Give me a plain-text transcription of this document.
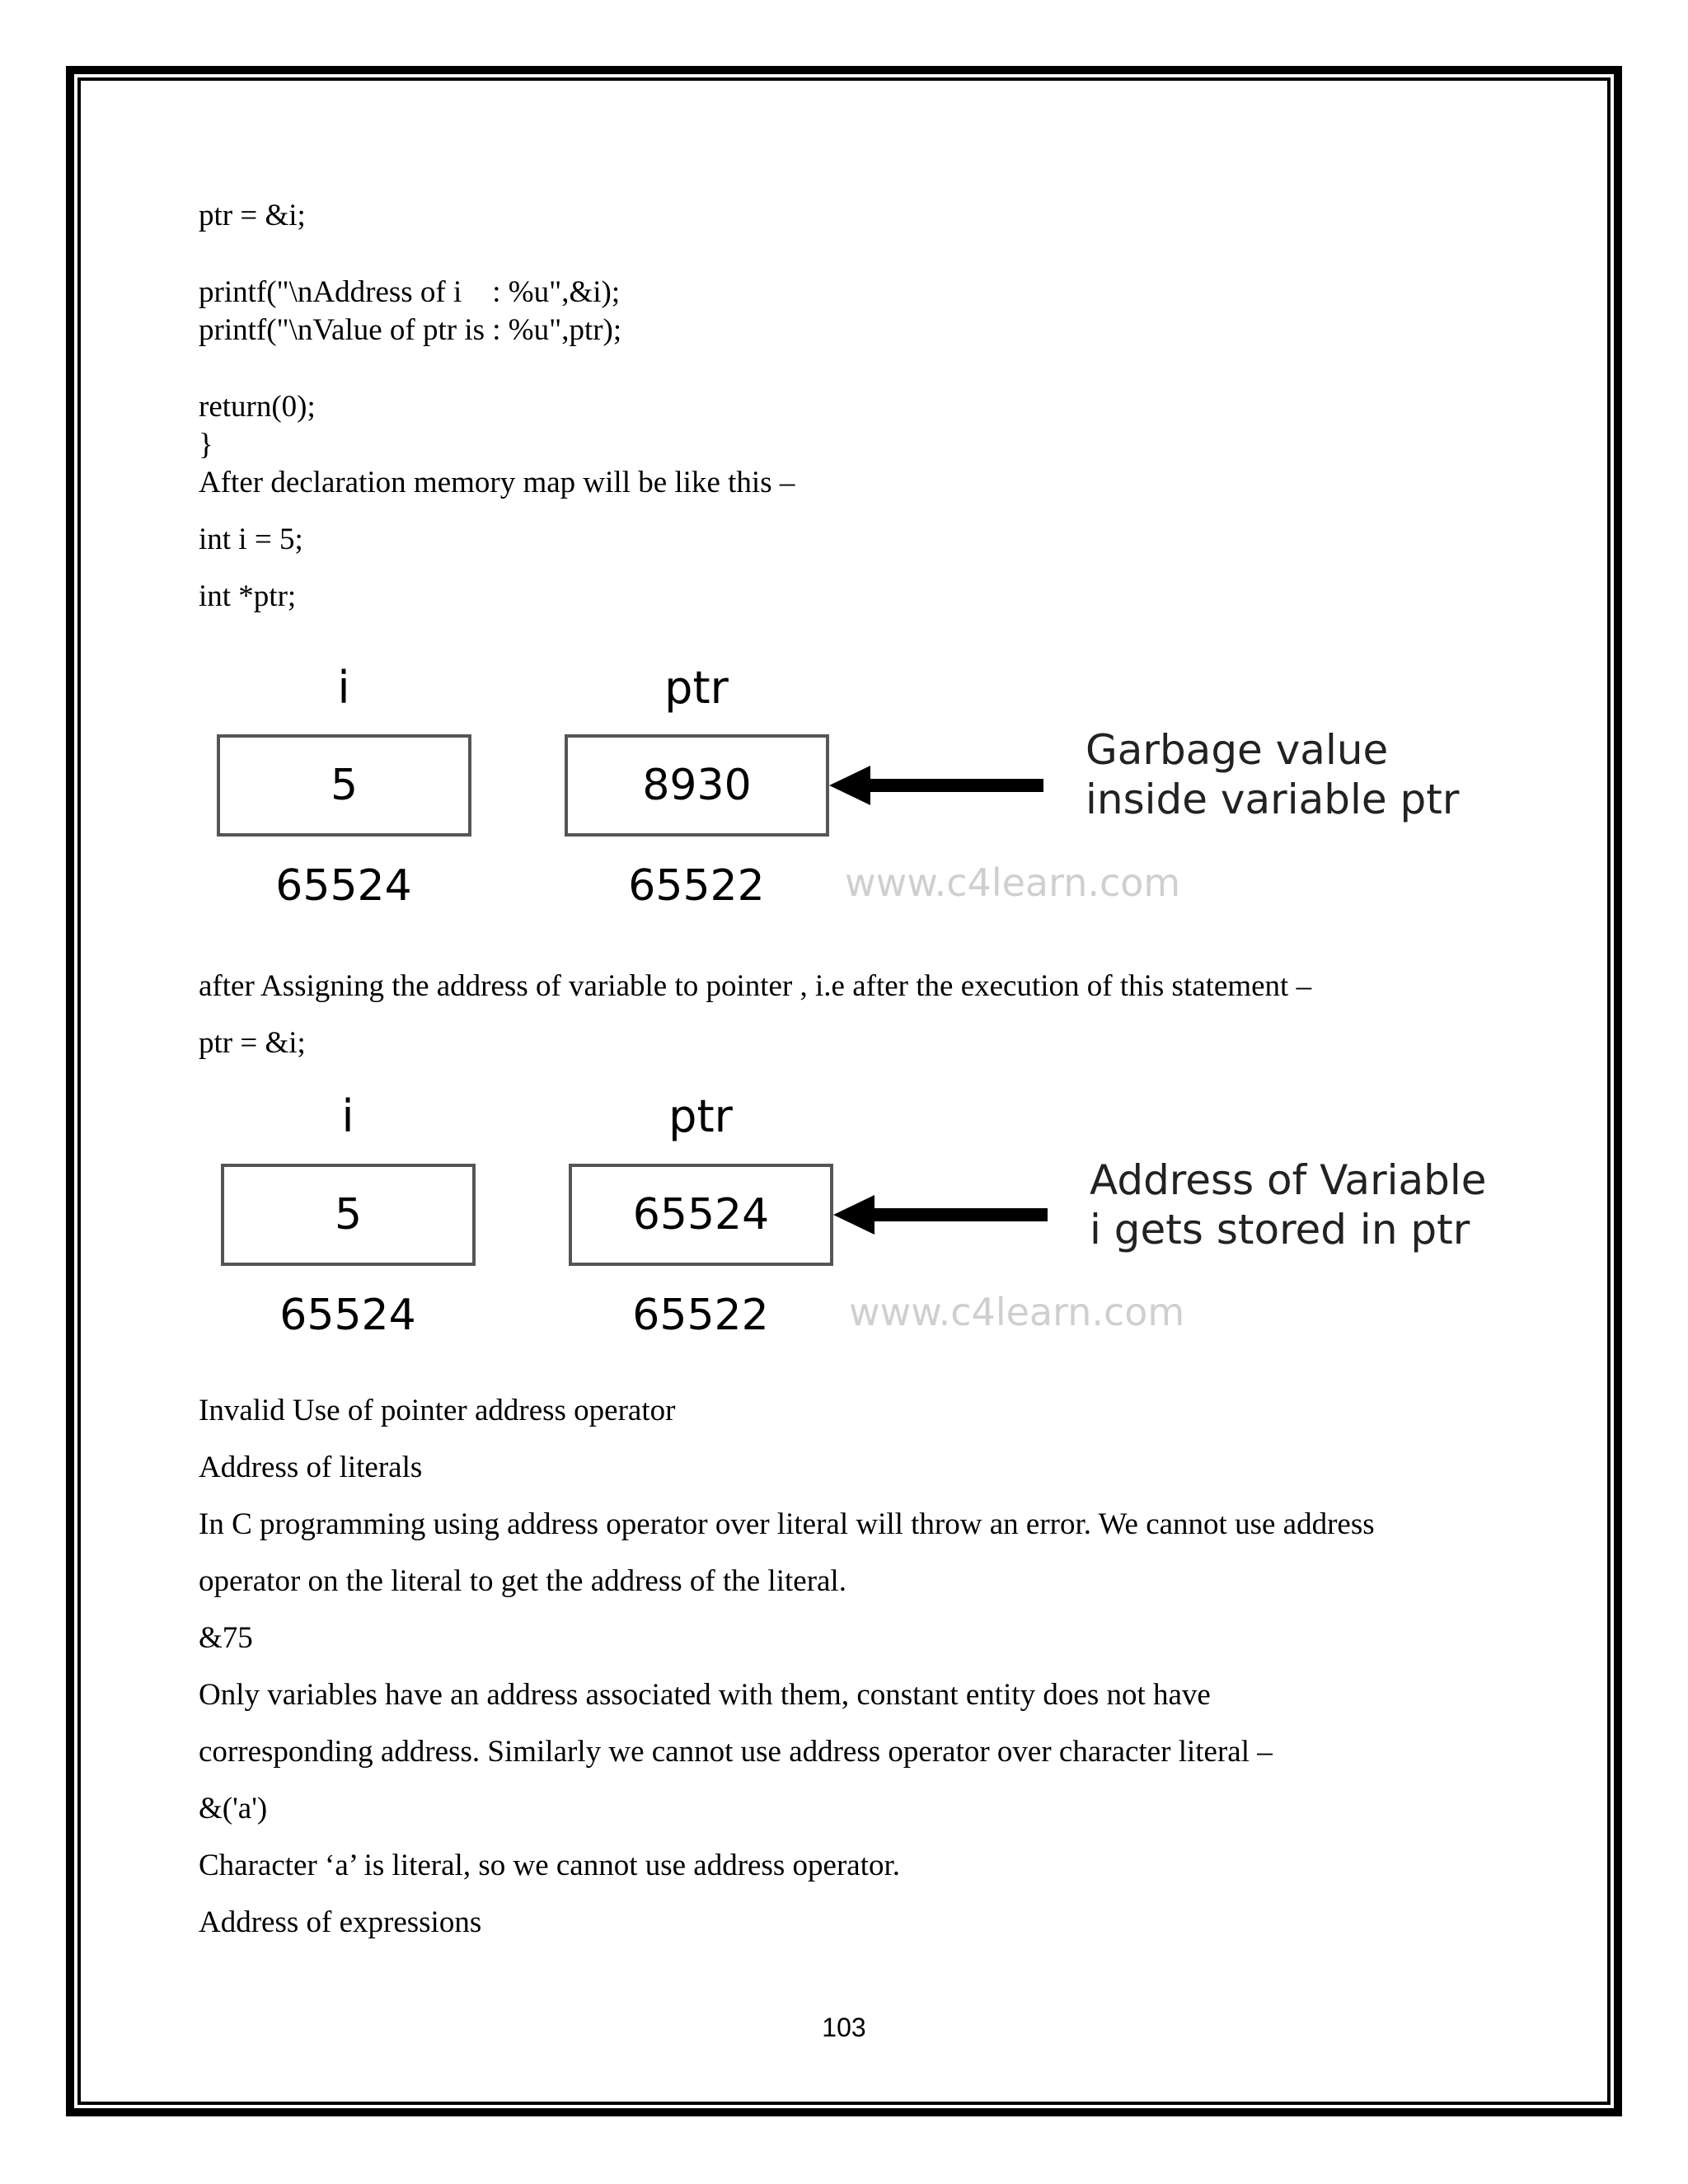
ptr = &i;
printf("\nAddress of i    : %u",&i);
printf("\nValue of ptr is : %u",ptr);
return(0);
}
After declaration memory map will be like this –
int i = 5;
int *ptr;
i	ptr
5	8930
Garbage value
inside variable ptr
65524	65522	www.c4learn.com
after Assigning the address of variable to pointer , i.e after the execution of this statement –
ptr = &i;
i	ptr
5	65524
Address of Variable
i gets stored in ptr
65524	65522	www.c4learn.com
Invalid Use of pointer address operator
Address of literals
In C programming using address operator over literal will throw an error. We cannot use address
operator on the literal to get the address of the literal.
&75
Only variables have an address associated with them, constant entity does not have
corresponding address. Similarly we cannot use address operator over character literal –
&('a')
Character ‘a’ is literal, so we cannot use address operator.
Address of expressions
103
